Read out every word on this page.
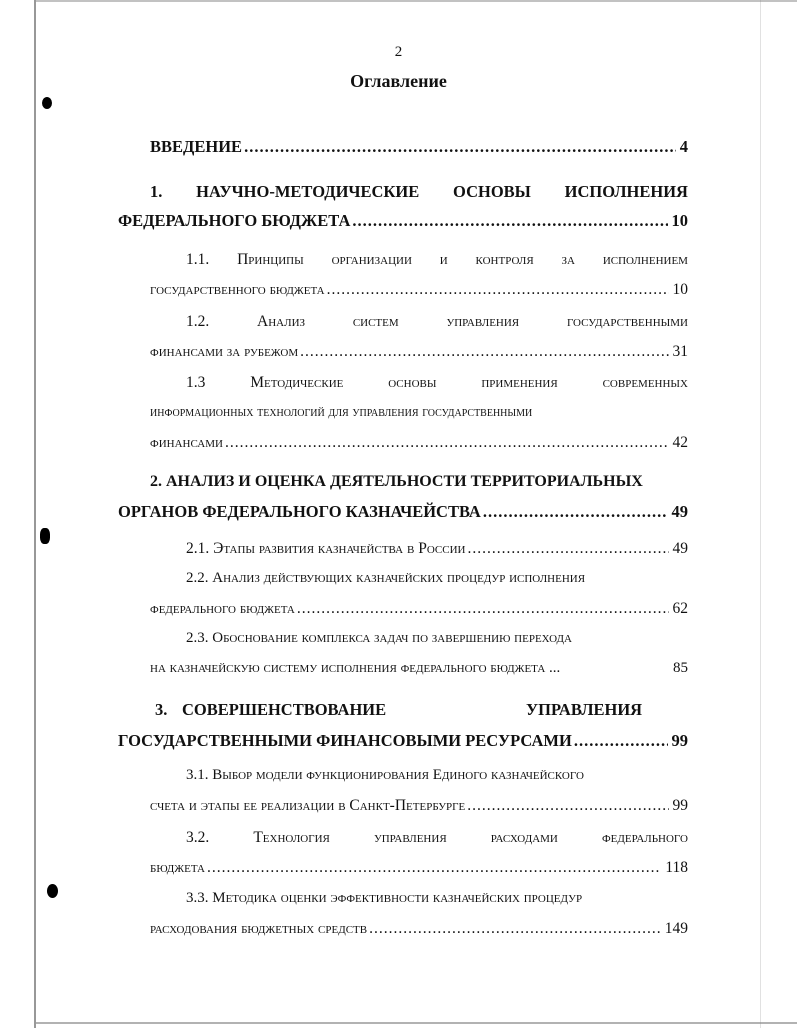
2
Оглавление
ВВЕДЕНИЕ .....	4
1. НАУЧНО-МЕТОДИЧЕСКИЕ ОСНОВЫ ИСПОЛНЕНИЯ
ФЕДЕРАЛЬНОГО БЮДЖЕТА .....	10
1.1. Принципы организации и контроля за исполнением
государственного бюджета .....	10
1.2.	Анализ	систем	управления	государственными
финансами за рубежом .....	31
1.3	Методические	основы	применения	современных
информационных технологий для управления государственными
финансами .....	42
2. АНАЛИЗ И ОЦЕНКА ДЕЯТЕЛЬНОСТИ ТЕРРИТОРИАЛЬНЫХ
ОРГАНОВ ФЕДЕРАЛЬНОГО КАЗНАЧЕЙСТВА .....	49
2.1. Этапы развития казначейства в России .....	49
2.2. Анализ действующих казначейских процедур исполнения
федерального бюджета .....	62
2.3. Обоснование комплекса задач по завершению перехода
на казначейскую систему исполнения федерального бюджета ...	85
3. СОВЕРШЕНСТВОВАНИЕ	УПРАВЛЕНИЯ
ГОСУДАРСТВЕННЫМИ ФИНАНСОВЫМИ РЕСУРСАМИ .....	99
3.1. Выбор модели функционирования Единого казначейского
счета и этапы ее реализации в Санкт-Петербурге .....	99
3.2.	Технология	управления	расходами	федерального
бюджета .....	118
3.3. Методика оценки эффективности казначейских процедур
расходования бюджетных средств .....	149
